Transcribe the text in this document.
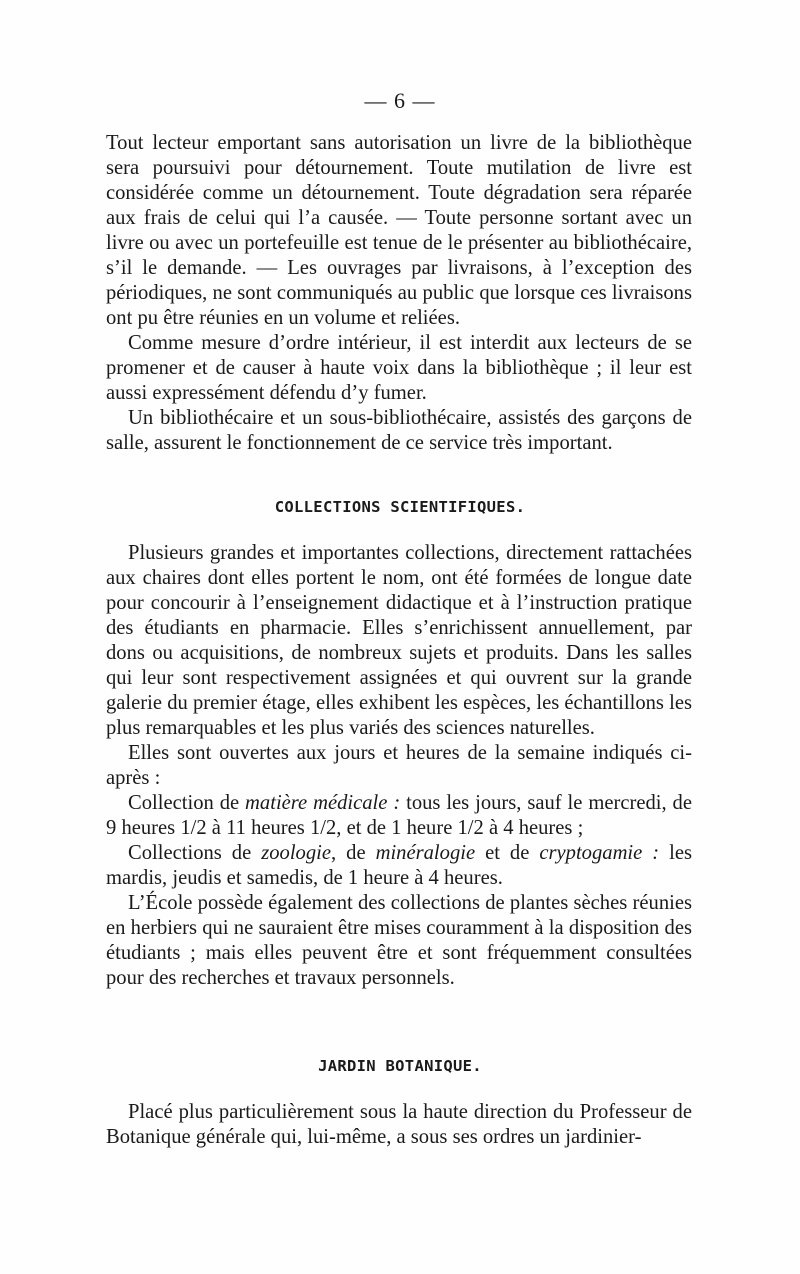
— 6 —

Tout lecteur emportant sans autorisation un livre de la bibliothèque sera poursuivi pour détournement. Toute mutilation de livre est considérée comme un détournement. Toute dégradation sera réparée aux frais de celui qui l’a causée. — Toute personne sortant avec un livre ou avec un portefeuille est tenue de le présenter au bibliothécaire, s’il le demande. — Les ouvrages par livraisons, à l’exception des périodiques, ne sont communiqués au public que lorsque ces livraisons ont pu être réunies en un volume et reliées.

Comme mesure d’ordre intérieur, il est interdit aux lecteurs de se promener et de causer à haute voix dans la bibliothèque ; il leur est aussi expressément défendu d’y fumer.

Un bibliothécaire et un sous-bibliothécaire, assistés des garçons de salle, assurent le fonctionnement de ce service très important.

COLLECTIONS SCIENTIFIQUES.

Plusieurs grandes et importantes collections, directement rattachées aux chaires dont elles portent le nom, ont été formées de longue date pour concourir à l’enseignement didactique et à l’instruction pratique des étudiants en pharmacie. Elles s’enrichissent annuellement, par dons ou acquisitions, de nombreux sujets et produits. Dans les salles qui leur sont respectivement assignées et qui ouvrent sur la grande galerie du premier étage, elles exhibent les espèces, les échantillons les plus remarquables et les plus variés des sciences naturelles.

Elles sont ouvertes aux jours et heures de la semaine indiqués ci-après :

Collection de matière médicale : tous les jours, sauf le mercredi, de 9 heures 1/2 à 11 heures 1/2, et de 1 heure 1/2 à 4 heures ;

Collections de zoologie, de minéralogie et de cryptogamie : les mardis, jeudis et samedis, de 1 heure à 4 heures.

L’École possède également des collections de plantes sèches réunies en herbiers qui ne sauraient être mises couramment à la disposition des étudiants ; mais elles peuvent être et sont fréquemment consultées pour des recherches et travaux personnels.

JARDIN BOTANIQUE.

Placé plus particulièrement sous la haute direction du Professeur de Botanique générale qui, lui-même, a sous ses ordres un jardinier-
